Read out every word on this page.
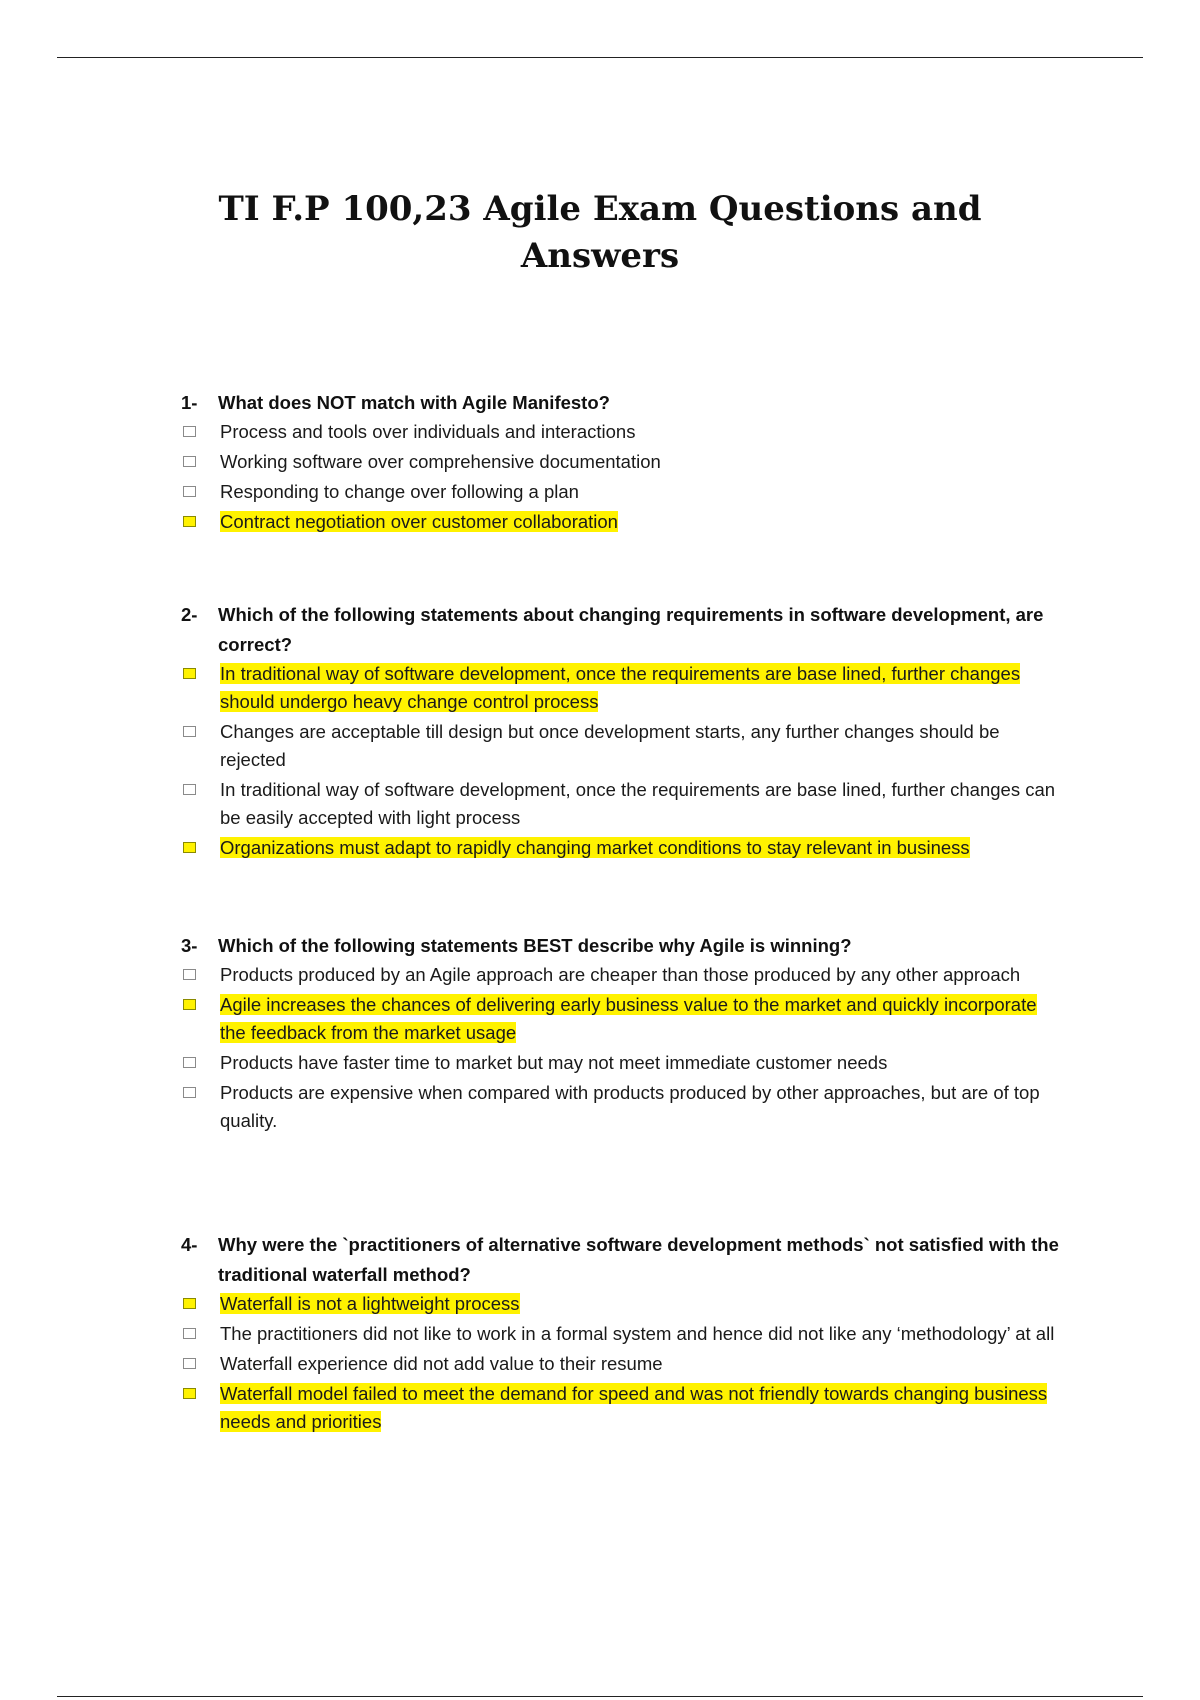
TI F.P 100,23 Agile Exam Questions and Answers
1-	What does NOT match with Agile Manifesto?
Process and tools over individuals and interactions
Working software over comprehensive documentation
Responding to change over following a plan
Contract negotiation over customer collaboration
2-	Which of the following statements about changing requirements in software development, are correct?
In traditional way of software development, once the requirements are base lined, further changes should undergo heavy change control process
Changes are acceptable till design but once development starts, any further changes should be rejected
In traditional way of software development, once the requirements are base lined, further changes can be easily accepted with light process
Organizations must adapt to rapidly changing market conditions to stay relevant in business
3-	Which of the following statements BEST describe why Agile is winning?
Products produced by an Agile approach are cheaper than those produced by any other approach
Agile increases the chances of delivering early business value to the market and quickly incorporate the feedback from the market usage
Products have faster time to market but may not meet immediate customer needs
Products are expensive when compared with products produced by other approaches, but are of top quality.
4-	Why were the `practitioners of alternative software development methods` not satisfied with the traditional waterfall method?
Waterfall is not a lightweight process
The practitioners did not like to work in a formal system and hence did not like any ‘methodology’ at all
Waterfall experience did not add value to their resume
Waterfall model failed to meet the demand for speed and was not friendly towards changing business needs and priorities
